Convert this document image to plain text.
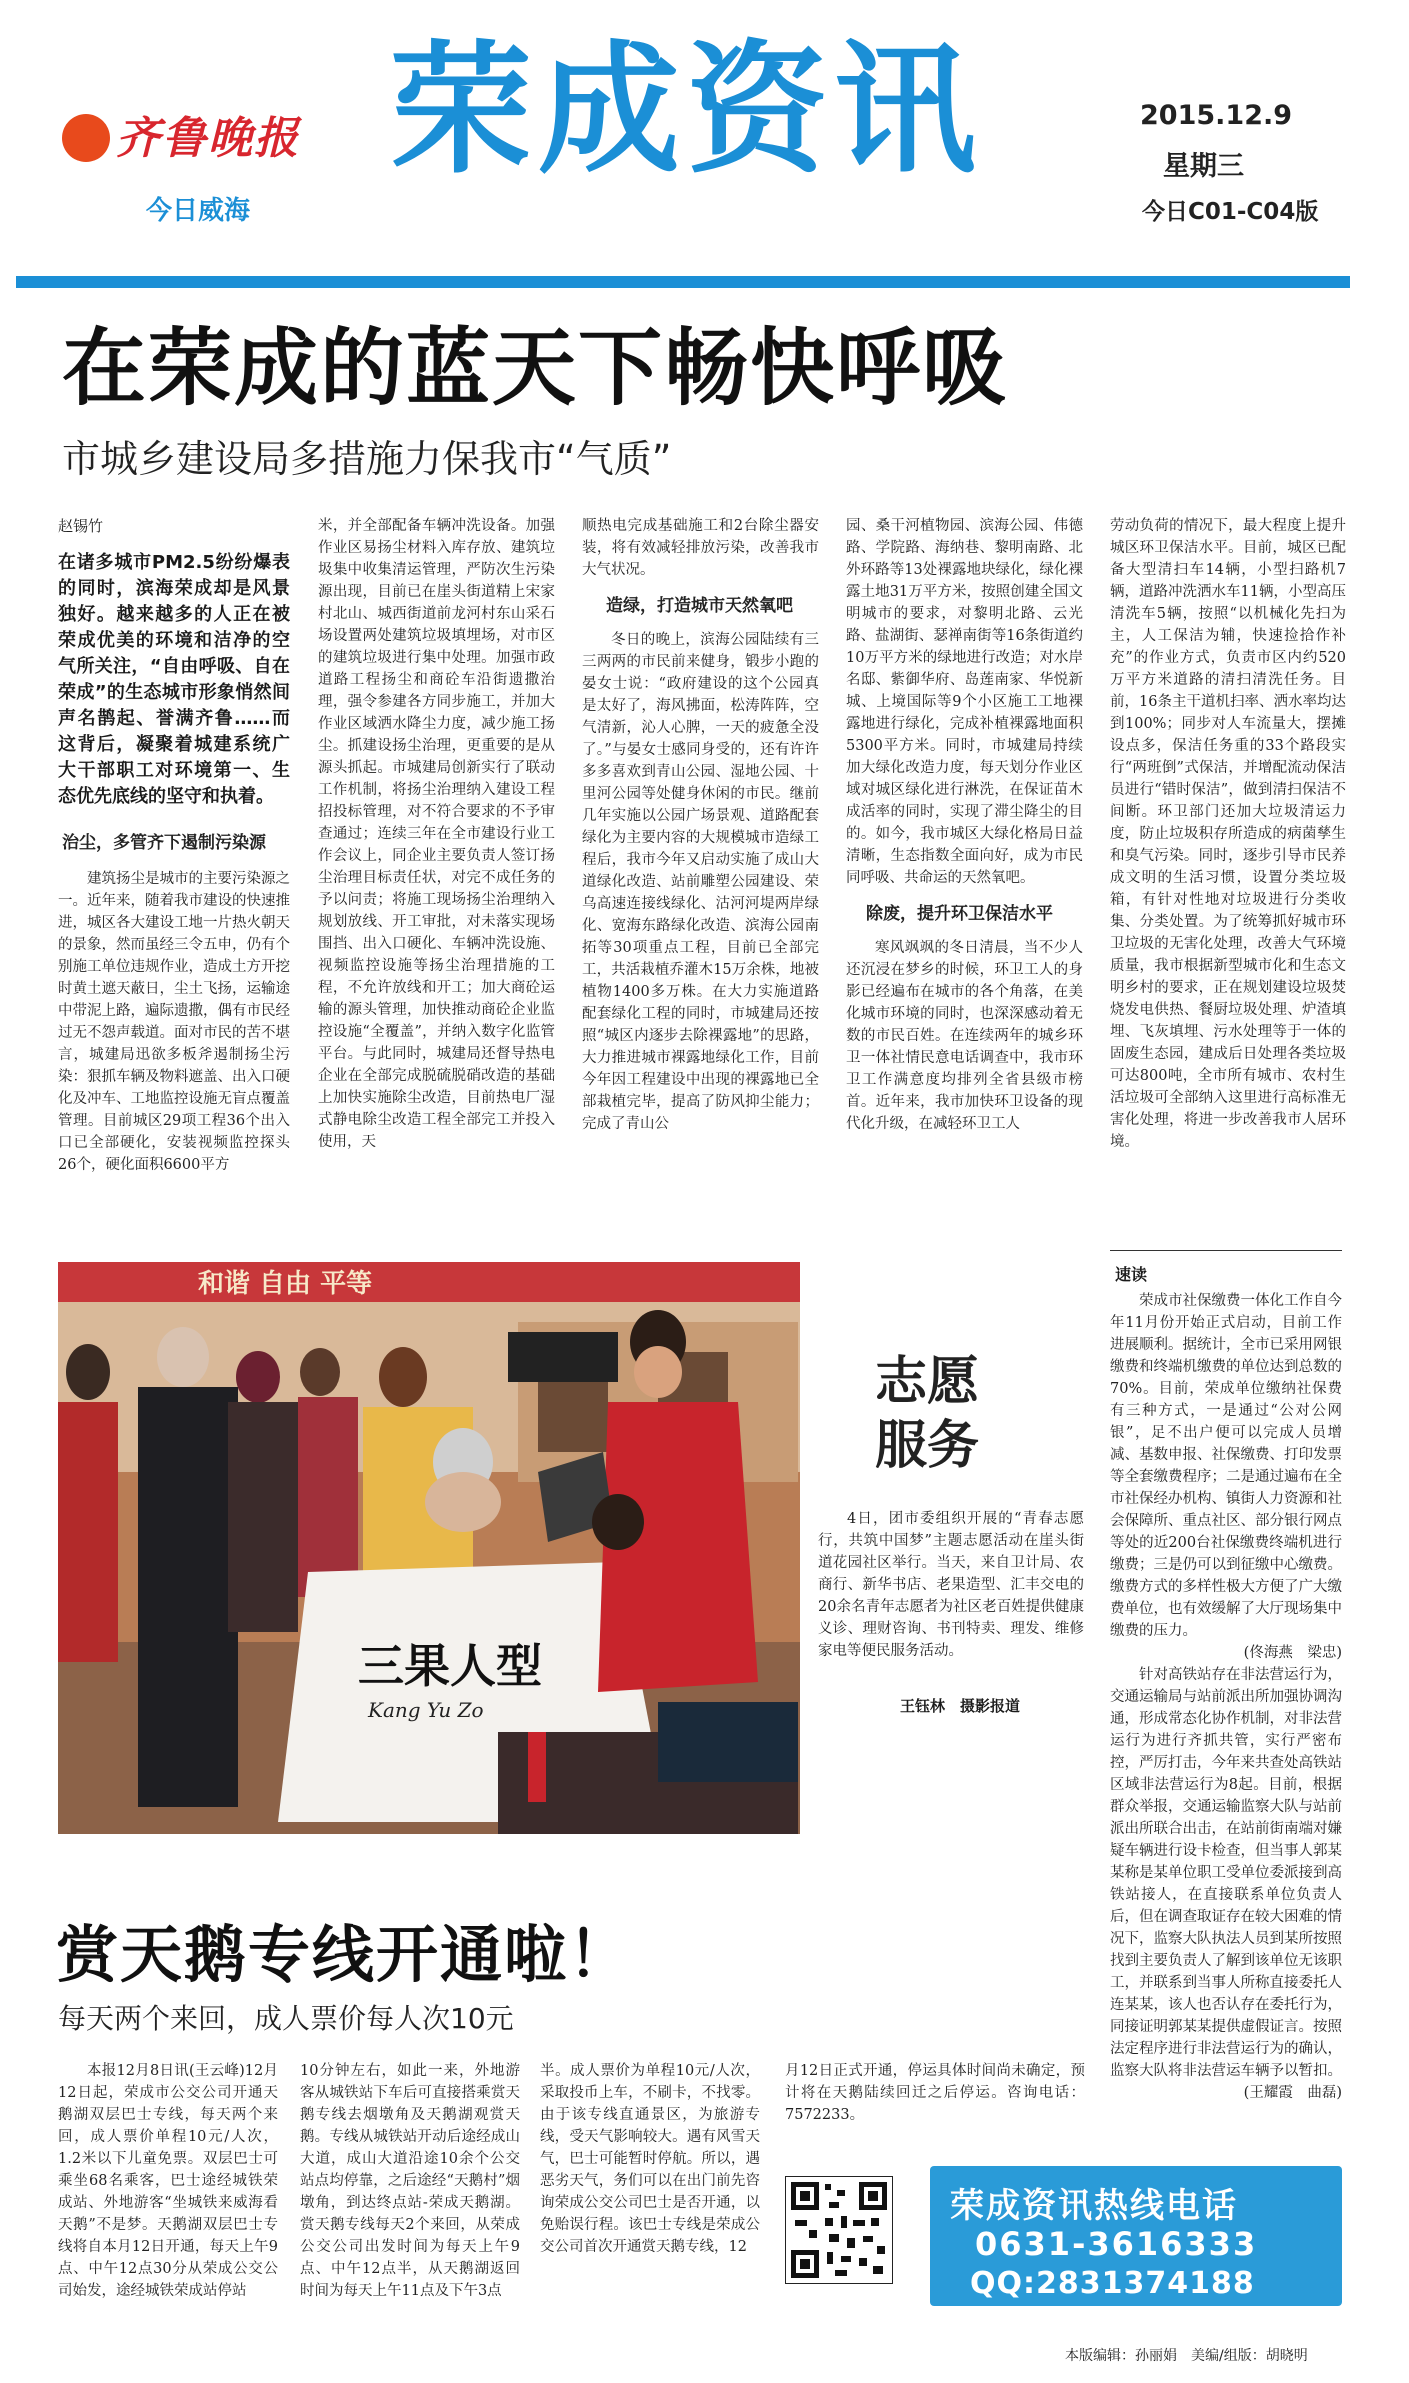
齐鲁晚报
今日威海
荣成资讯	2015.12.9
星期三
今日C01-C04版
在荣成的蓝天下畅快呼吸
市城乡建设局多措施力保我市“气质”
赵锡竹
在诸多城市PM2.5纷纷爆表的同时，滨海荣成却是风景独好。越来越多的人正在被荣成优美的环境和洁净的空气所关注，“自由呼吸、自在荣成”的生态城市形象悄然间声名鹊起、誉满齐鲁……而这背后，凝聚着城建系统广大干部职工对环境第一、生态优先底线的坚守和执着。
治尘，多管齐下遏制污染源

建筑扬尘是城市的主要污染源之一。近年来，随着我市建设的快速推进，城区各大建设工地一片热火朝天的景象，然而虽经三令五申，仍有个别施工单位违规作业，造成土方开挖时黄土遮天蔽日，尘土飞扬，运输途中带泥上路，遍际遗撒，偶有市民经过无不怨声载道。面对市民的苦不堪言，城建局迅欲多板斧遏制扬尘污染：狠抓车辆及物料遮盖、出入口硬化及冲车、工地监控设施无盲点覆盖管理。目前城区29项工程36个出入口已全部硬化，安装视频监控探头26个，硬化面积6600平方

米，并全部配备车辆冲洗设备。加强作业区易扬尘材料入库存放、建筑垃圾集中收集清运管理，严防次生污染源出现，目前已在崖头街道精上宋家村北山、城西街道前龙河村东山采石场设置两处建筑垃圾填埋场，对市区的建筑垃圾进行集中处理。加强市政道路工程扬尘和商砼车沿街遗撒治理，强令参建各方同步施工，并加大作业区域洒水降尘力度，减少施工扬尘。抓建设扬尘治理，更重要的是从源头抓起。市城建局创新实行了联动工作机制，将扬尘治理纳入建设工程招投标管理，对不符合要求的不予审查通过；连续三年在全市建设行业工作会议上，同企业主要负责人签订扬尘治理目标责任状，对完不成任务的予以问责；将施工现场扬尘治理纳入规划放线、开工审批，对未落实现场围挡、出入口硬化、车辆冲洗设施、视频监控设施等扬尘治理措施的工程，不允许放线和开工；加大商砼运输的源头管理，加快推动商砼企业监控设施“全覆盖”，并纳入数字化监管平台。与此同时，城建局还督导热电企业在全部完成脱硫脱硝改造的基础上加快实施除尘改造，目前热电厂湿式静电除尘改造工程全部完工并投入使用，天

顺热电完成基础施工和2台除尘器安装，将有效减轻排放污染，改善我市大气状况。

造绿，打造城市天然氧吧

冬日的晚上，滨海公园陆续有三三两两的市民前来健身，锻步小跑的晏女士说：“政府建设的这个公园真是太好了，海风拂面，松涛阵阵，空气清新，沁人心脾，一天的疲惫全没了。”与晏女士感同身受的，还有许许多多喜欢到青山公园、湿地公园、十里河公园等处健身休闲的市民。继前几年实施以公园广场景观、道路配套绿化为主要内容的大规模城市造绿工程后，我市今年又启动实施了成山大道绿化改造、站前雕塑公园建设、荣乌高速连接线绿化、沽河河堤两岸绿化、宽海东路绿化改造、滨海公园南拓等30项重点工程，目前已全部完工，共活栽植乔灌木15万余株，地被植物1400多万株。在大力实施道路配套绿化工程的同时，市城建局还按照“城区内逐步去除裸露地”的思路，大力推进城市裸露地绿化工作，目前今年因工程建设中出现的裸露地已全部栽植完毕，提高了防风抑尘能力；完成了青山公

园、桑干河植物园、滨海公园、伟德路、学院路、海纳巷、黎明南路、北外环路等13处裸露地块绿化，绿化裸露土地31万平方米，按照创建全国文明城市的要求，对黎明北路、云光路、盐湖街、瑟禅南街等16条街道约10万平方米的绿地进行改造；对水岸名邸、紫御华府、岛莲南家、华悦新城、上境国际等9个小区施工工地裸露地进行绿化，完成补植裸露地面积5300平方米。同时，市城建局持续加大绿化改造力度，每天划分作业区域对城区绿化进行淋洗，在保证苗木成活率的同时，实现了滞尘降尘的目的。如今，我市城区大绿化格局日益清晰，生态指数全面向好，成为市民同呼吸、共命运的天然氧吧。

除废，提升环卫保洁水平

寒风飒飒的冬日清晨，当不少人还沉浸在梦乡的时候，环卫工人的身影已经遍布在城市的各个角落，在美化城市环境的同时，也深深感动着无数的市民百姓。在连续两年的城乡环卫一体社情民意电话调查中，我市环卫工作满意度均排列全省县级市榜首。近年来，我市加快环卫设备的现代化升级，在减轻环卫工人

劳动负荷的情况下，最大程度上提升城区环卫保洁水平。目前，城区已配备大型清扫车14辆，小型扫路机7辆，道路冲洗洒水车11辆，小型高压清洗车5辆，按照“以机械化先扫为主，人工保洁为辅，快速捡拾作补充”的作业方式，负责市区内约520万平方米道路的清扫清洗任务。目前，16条主干道机扫率、洒水率均达到100%；同步对人车流量大，摆摊设点多，保洁任务重的33个路段实行“两班倒”式保洁，并增配流动保洁员进行“错时保洁”，做到清扫保洁不间断。环卫部门还加大垃圾清运力度，防止垃圾积存所造成的病菌孳生和臭气污染。同时，逐步引导市民养成文明的生活习惯，设置分类垃圾箱，有针对性地对垃圾进行分类收集、分类处置。为了统筹抓好城市环卫垃圾的无害化处理，改善大气环境质量，我市根据新型城市化和生态文明乡村的要求，正在规划建设垃圾焚烧发电供热、餐厨垃圾处理、炉渣填埋、飞灰填埋、污水处理等于一体的固废生态园，建成后日处理各类垃圾可达800吨，全市所有城市、农村生活垃圾可全部纳入这里进行高标准无害化处理，将进一步改善我市人居环境。

和谐 自由 平等
三果人型
Kang Yu Zo
志愿
服务
4日，团市委组织开展的“青春志愿行，共筑中国梦”主题志愿活动在崖头街道花园社区举行。当天，来自卫计局、农商行、新华书店、老果造型、汇丰交电的20余名青年志愿者为社区老百姓提供健康义诊、理财咨询、书刊特卖、理发、维修家电等便民服务活动。
王钰林　摄影报道
速读

荣成市社保缴费一体化工作自今年11月份开始正式启动，目前工作进展顺利。据统计，全市已采用网银缴费和终端机缴费的单位达到总数的70%。目前，荣成单位缴纳社保费有三种方式，一是通过“公对公网银”，足不出户便可以完成人员增减、基数申报、社保缴费、打印发票等全套缴费程序；二是通过遍布在全市社保经办机构、镇街人力资源和社会保障所、重点社区、部分银行网点等处的近200台社保缴费终端机进行缴费；三是仍可以到征缴中心缴费。缴费方式的多样性极大方便了广大缴费单位，也有效缓解了大厅现场集中缴费的压力。

(佟海燕　梁忠)

针对高铁站存在非法营运行为，交通运输局与站前派出所加强协调沟通，形成常态化协作机制，对非法营运行为进行齐抓共管，实行严密布控，严厉打击，今年来共查处高铁站区域非法营运行为8起。目前，根据群众举报，交通运输监察大队与站前派出所联合出击，在站前街南端对嫌疑车辆进行设卡检查，但当事人郭某某称是某单位职工受单位委派接到高铁站接人，在直接联系单位负责人后，但在调查取证存在较大困难的情况下，监察大队执法人员到某所按照找到主要负责人了解到该单位无该职工，并联系到当事人所称直接委托人连某某，该人也否认存在委托行为，同接证明郭某某提供虚假证言。按照法定程序进行非法营运行为的确认，监察大队将非法营运车辆予以暂扣。

(王耀霞　曲磊)
赏天鹅专线开通啦！
每天两个来回，成人票价每人次10元

本报12月8日讯(王云峰)12月12日起，荣成市公交公司开通天鹅湖双层巴士专线，每天两个来回，成人票价单程10元/人次，1.2米以下儿童免票。双层巴士可乘坐68名乘客，巴士途经城铁荣成站、外地游客“坐城铁来威海看天鹅”不是梦。天鹅湖双层巴士专线将自本月12日开通，每天上午9点、中午12点30分从荣成公交公司始发，途经城铁荣成站停站

10分钟左右，如此一来，外地游客从城铁站下车后可直接搭乘赏天鹅专线去烟墩角及天鹅湖观赏天鹅。专线从城铁站开动后途经成山大道，成山大道沿途10余个公交站点均停靠，之后途经“天鹅村”烟墩角，到达终点站-荣成天鹅湖。赏天鹅专线每天2个来回，从荣成公交公司出发时间为每天上午9点、中午12点半，从天鹅湖返回时间为每天上午11点及下午3点

半。成人票价为单程10元/人次，采取投币上车，不刷卡，不找零。由于该专线直通景区，为旅游专线，受天气影响较大。遇有风雪天气，巴士可能暂时停航。所以，遇恶劣天气，务们可以在出门前先咨询荣成公交公司巴士是否开通，以免贻误行程。该巴士专线是荣成公交公司首次开通赏天鹅专线，12

月12日正式开通，停运具体时间尚未确定，预计将在天鹅陆续回迁之后停运。咨询电话：7572233。

荣成资讯热线电话
0631-3616333
QQ:2831374188
本版编辑：孙丽娟　美编/组版：胡晓明
